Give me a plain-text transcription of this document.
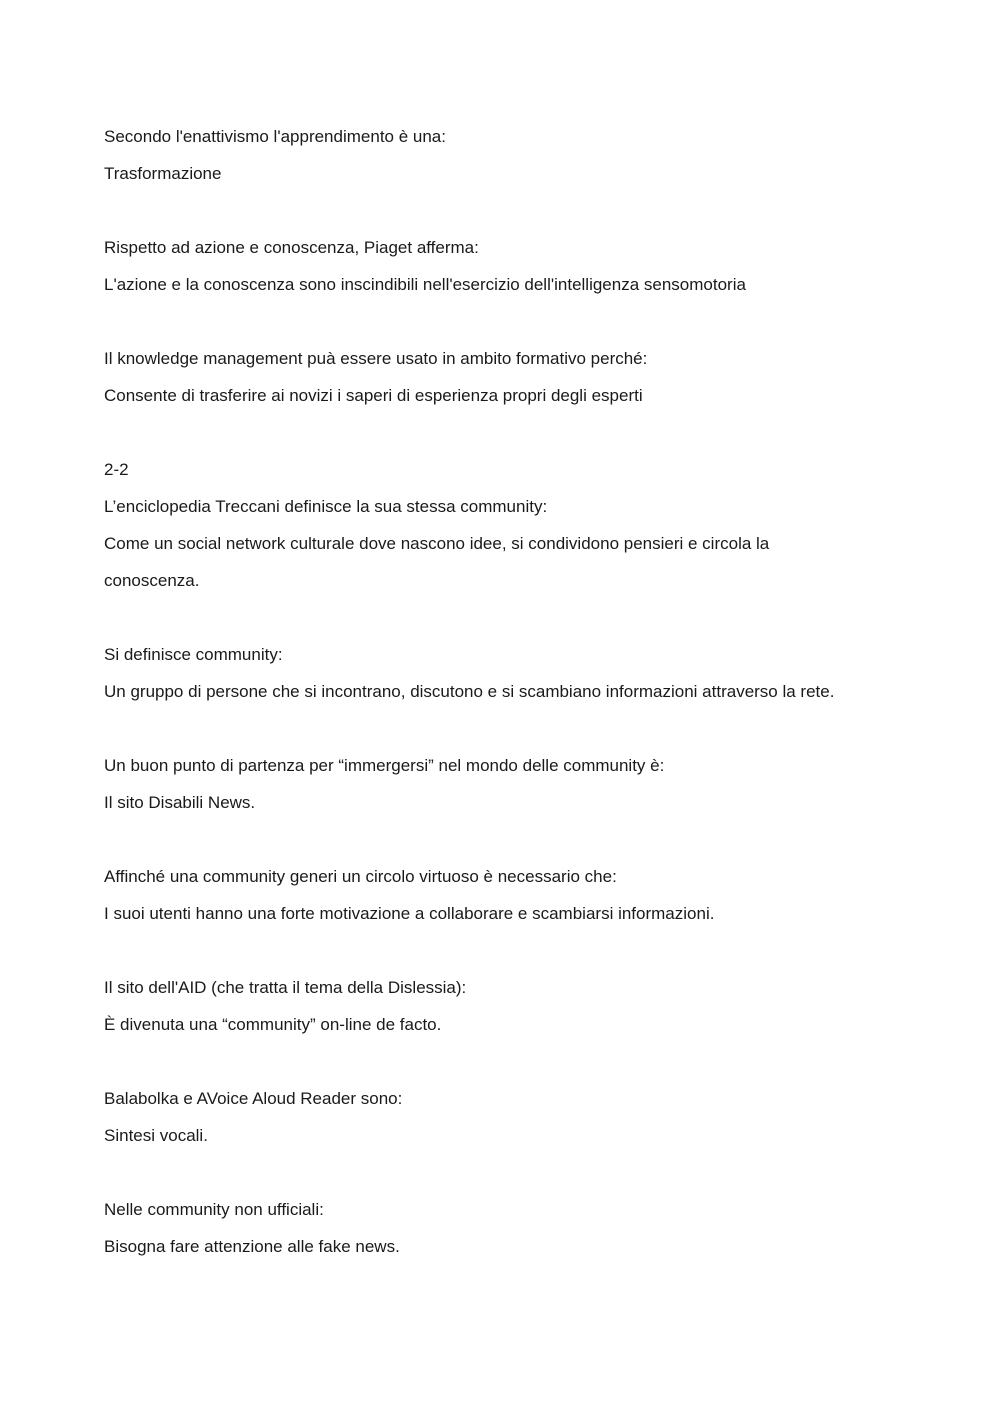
Secondo l'enattivismo l'apprendimento è una:
Trasformazione
Rispetto ad azione e conoscenza, Piaget afferma:
L'azione e la conoscenza sono inscindibili nell'esercizio dell'intelligenza sensomotoria
Il knowledge management puà essere usato in ambito formativo perché:
Consente di trasferire ai novizi i saperi di esperienza propri degli esperti
2-2
L’enciclopedia Treccani definisce la sua stessa community:
Come un social network culturale dove nascono idee, si condividono pensieri e circola la conoscenza.
Si definisce community:
Un gruppo di persone che si incontrano, discutono e si scambiano informazioni attraverso la rete.
Un buon punto di partenza per “immergersi” nel mondo delle community è:
Il sito Disabili News.
Affinché una community generi un circolo virtuoso è necessario che:
I suoi utenti hanno una forte motivazione a collaborare e scambiarsi informazioni.
Il sito dell'AID (che tratta il tema della Dislessia):
È divenuta una “community” on-line de facto.
Balabolka e AVoice Aloud Reader sono:
Sintesi vocali.
Nelle community non ufficiali:
Bisogna fare attenzione alle fake news.
